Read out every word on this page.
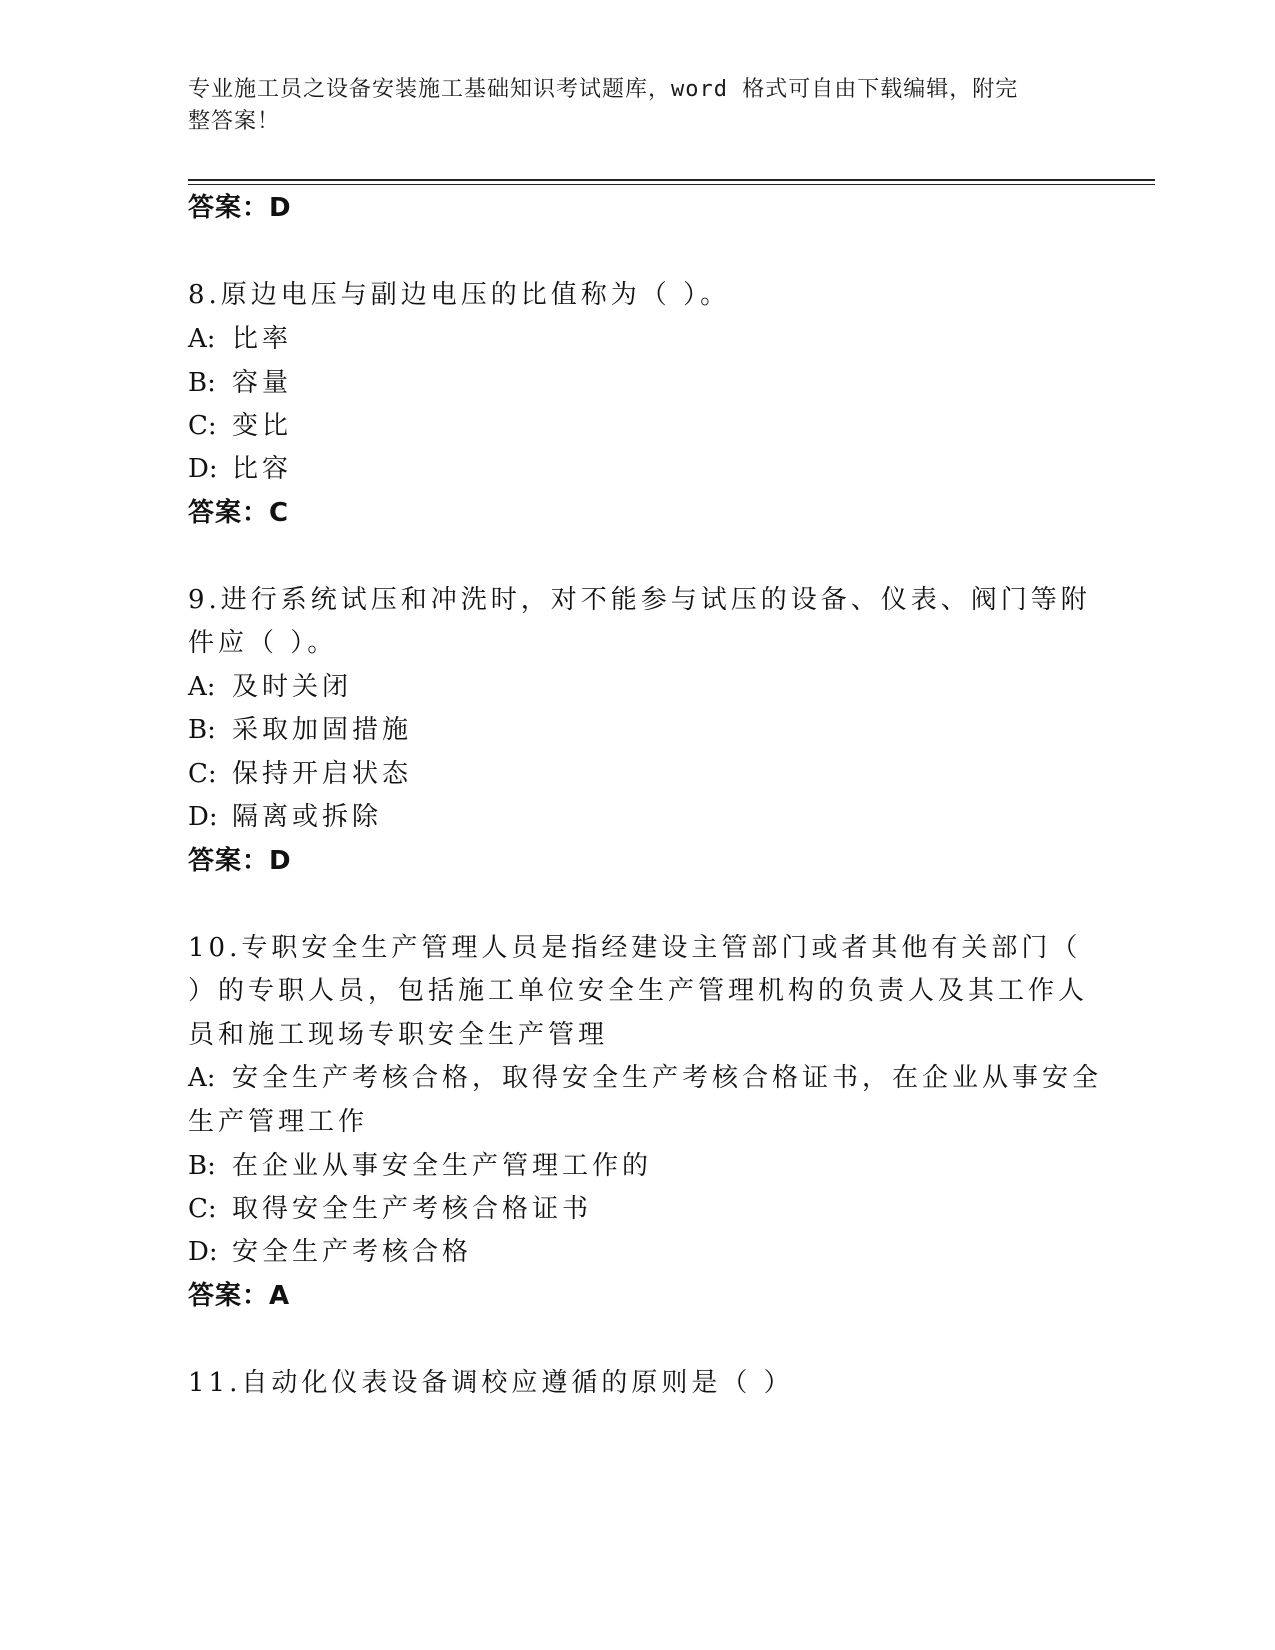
专业施工员之设备安装施工基础知识考试题库，word 格式可自由下载编辑，附完
整答案！
答案：D
8.原边电压与副边电压的比值称为（ ）。
A: 比率
B: 容量
C: 变比
D: 比容
答案：C
9.进行系统试压和冲洗时，对不能参与试压的设备、仪表、阀门等附
件应（ ）。
A: 及时关闭
B: 采取加固措施
C: 保持开启状态
D: 隔离或拆除
答案：D
10.专职安全生产管理人员是指经建设主管部门或者其他有关部门（
）的专职人员，包括施工单位安全生产管理机构的负责人及其工作人
员和施工现场专职安全生产管理
A: 安全生产考核合格，取得安全生产考核合格证书，在企业从事安全
生产管理工作
B: 在企业从事安全生产管理工作的
C: 取得安全生产考核合格证书
D: 安全生产考核合格
答案：A
11.自动化仪表设备调校应遵循的原则是（ ）
